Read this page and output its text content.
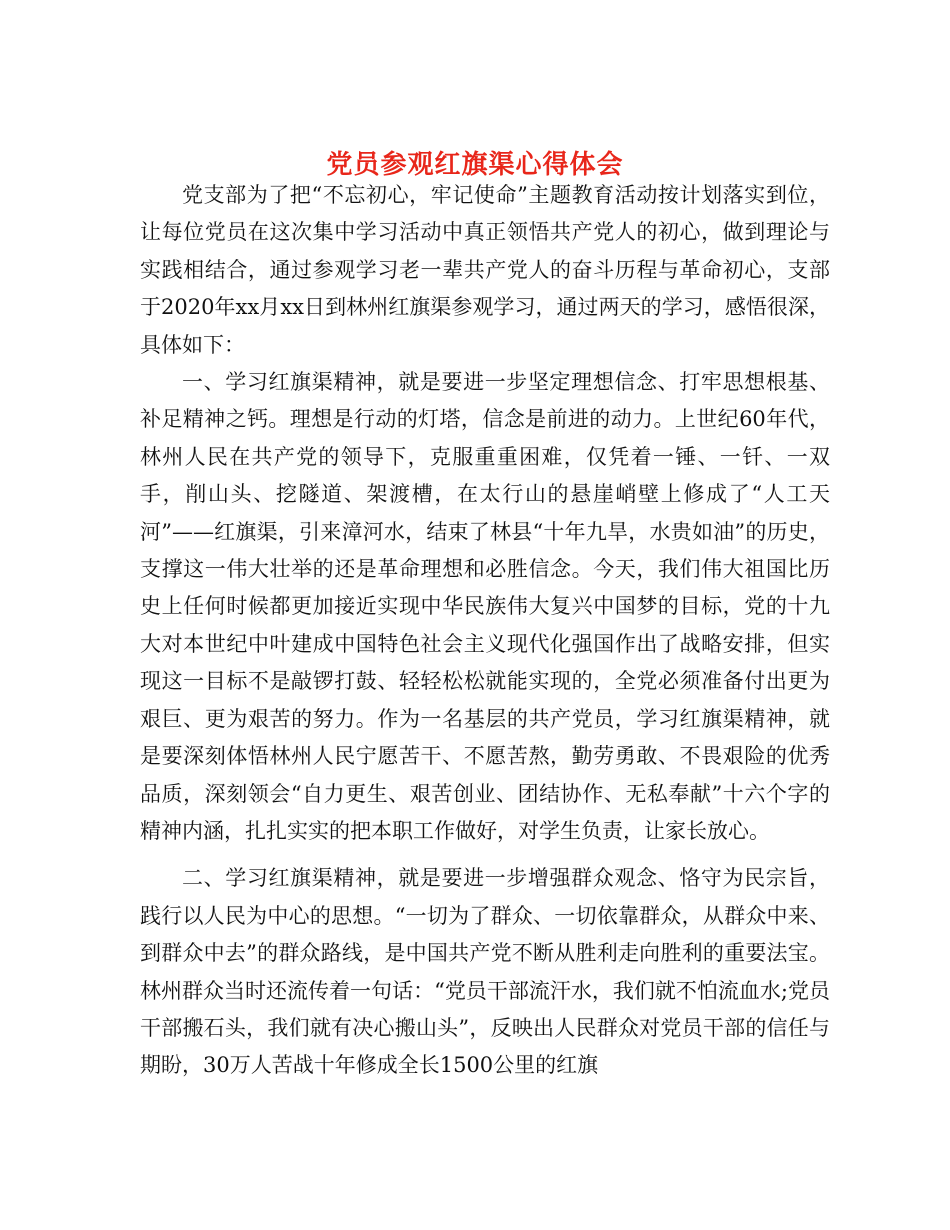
党员参观红旗渠心得体会

党支部为了把“不忘初心，牢记使命”主题教育活动按计划落实到位，让每位党员在这次集中学习活动中真正领悟共产党人的初心，做到理论与实践相结合，通过参观学习老一辈共产党人的奋斗历程与革命初心，支部于2020年xx月xx日到林州红旗渠参观学习，通过两天的学习，感悟很深，具体如下：

一、学习红旗渠精神，就是要进一步坚定理想信念、打牢思想根基、补足精神之钙。理想是行动的灯塔，信念是前进的动力。上世纪60年代，林州人民在共产党的领导下，克服重重困难，仅凭着一锤、一钎、一双手，削山头、挖隧道、架渡槽，在太行山的悬崖峭壁上修成了“人工天河”——红旗渠，引来漳河水，结束了林县“十年九旱，水贵如油”的历史，支撑这一伟大壮举的还是革命理想和必胜信念。今天，我们伟大祖国比历史上任何时候都更加接近实现中华民族伟大复兴中国梦的目标，党的十九大对本世纪中叶建成中国特色社会主义现代化强国作出了战略安排，但实现这一目标不是敲锣打鼓、轻轻松松就能实现的，全党必须准备付出更为艰巨、更为艰苦的努力。作为一名基层的共产党员，学习红旗渠精神，就是要深刻体悟林州人民宁愿苦干、不愿苦熬，勤劳勇敢、不畏艰险的优秀品质，深刻领会“自力更生、艰苦创业、团结协作、无私奉献”十六个字的精神内涵，扎扎实实的把本职工作做好，对学生负责，让家长放心。

二、学习红旗渠精神，就是要进一步增强群众观念、恪守为民宗旨，践行以人民为中心的思想。“一切为了群众、一切依靠群众，从群众中来、到群众中去”的群众路线，是中国共产党不断从胜利走向胜利的重要法宝。林州群众当时还流传着一句话：“党员干部流汗水，我们就不怕流血水;党员干部搬石头，我们就有决心搬山头”，反映出人民群众对党员干部的信任与期盼，30万人苦战十年修成全长1500公里的红旗
